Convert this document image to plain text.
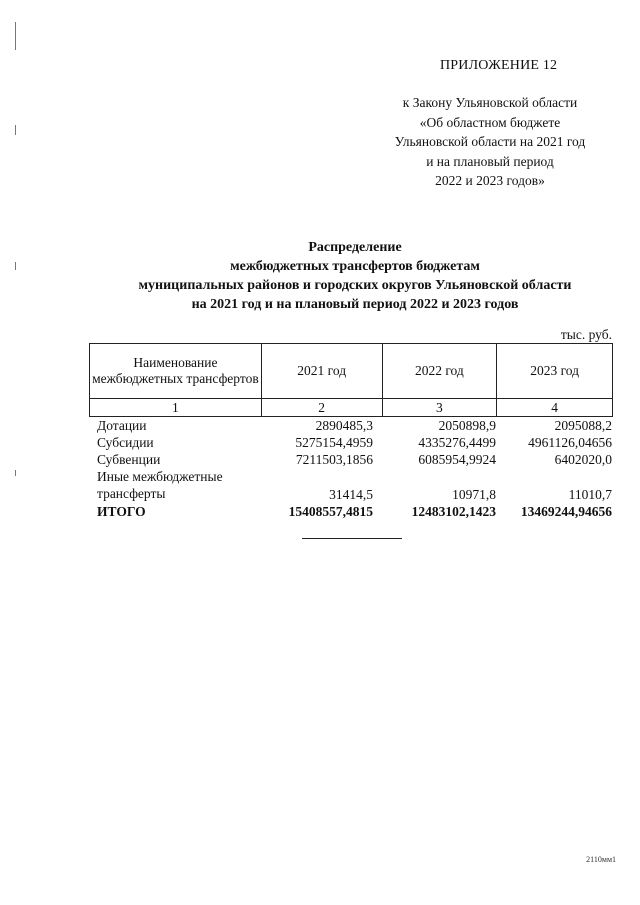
ПРИЛОЖЕНИЕ 12
к Закону Ульяновской области
«Об областном бюджете
Ульяновской области на 2021 год
и на плановый период
2022 и 2023 годов»
Распределение
межбюджетных трансфертов бюджетам
муниципальных районов и городских округов Ульяновской области
на 2021 год и на плановый период 2022 и 2023 годов
тыс. руб.
Наименование межбюджетных трансфертов	2021 год	2022 год	2023 год
1	2	3	4
Дотации	2890485,3	2050898,9	2095088,2
Субсидии	5275154,4959	4335276,4499	4961126,04656
Субвенции	7211503,1856	6085954,9924	6402020,0
Иные межбюджетные трансферты	31414,5	10971,8	11010,7
ИТОГО	15408557,4815	12483102,1423	13469244,94656
2110мм1
